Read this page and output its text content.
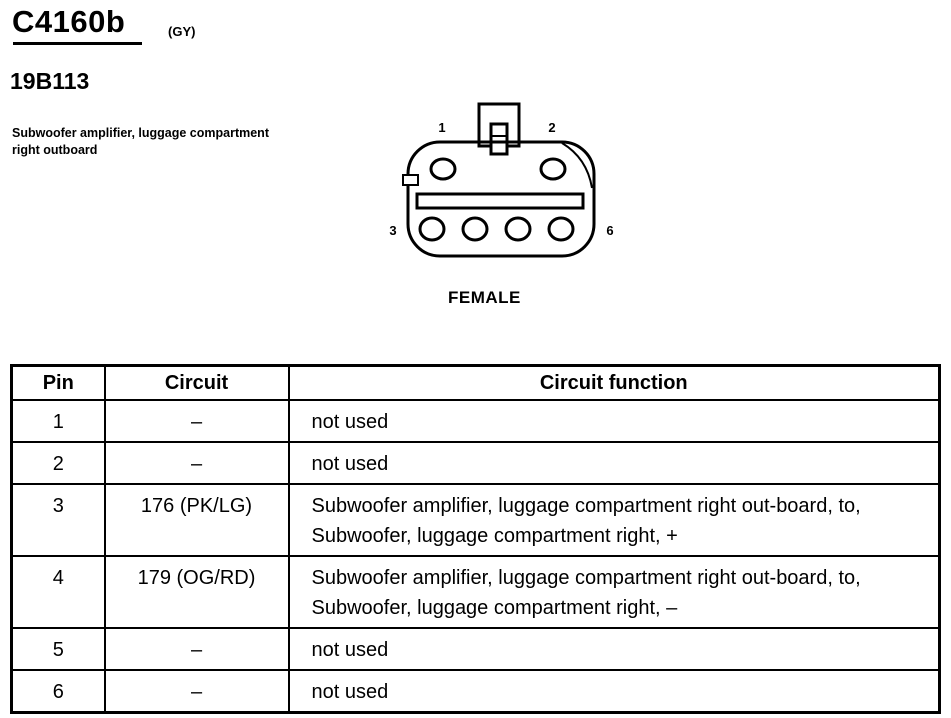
C4160b	(GY)
19B113
Subwoofer amplifier, luggage compartment right outboard
1	2
3	6
FEMALE
Pin	Circuit	Circuit function
1	–	not used
2	–	not used
3	176 (PK/LG)	Subwoofer amplifier, luggage compartment right out-board, to, Subwoofer, luggage compartment right, +
4	179 (OG/RD)	Subwoofer amplifier, luggage compartment right out-board, to, Subwoofer, luggage compartment right, –
5	–	not used
6	–	not used
